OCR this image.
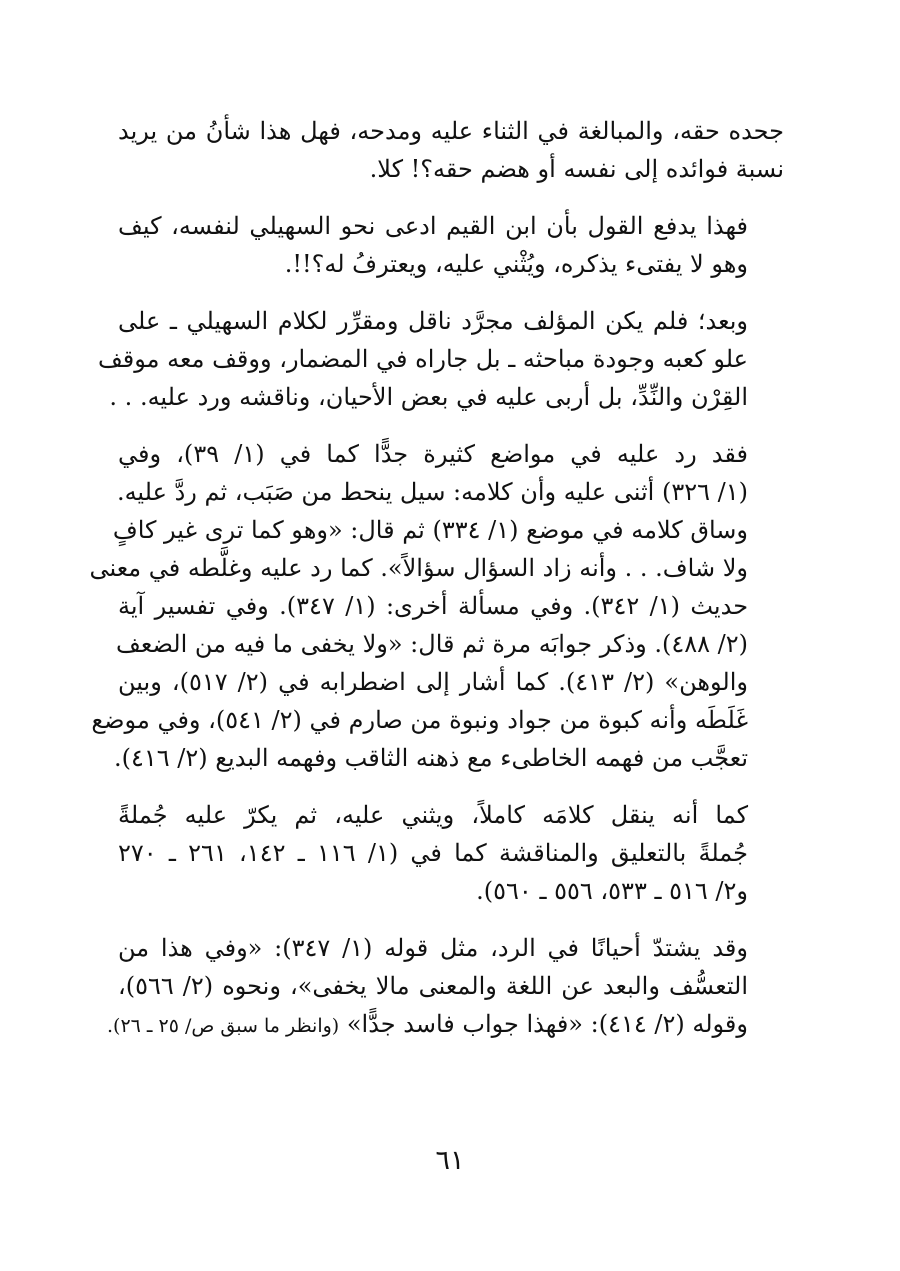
جحده حقه، والمبالغة في الثناء عليه ومدحه، فهل هذا شأنُ من يريد
نسبة فوائده إلى نفسه أو هضم حقه؟! كلا.

فهذا يدفع القول بأن ابن القيم ادعى نحو السهيلي لنفسه، كيف
وهو لا يفتىء يذكره، ويُثْني عليه، ويعترفُ له؟!!.

وبعد؛ فلم يكن المؤلف مجرَّد ناقل ومقرِّر لكلام السهيلي ـ على
علو كعبه وجودة مباحثه ـ بل جاراه في المضمار، ووقف معه موقف
القِرْن والنِّدِّ، بل أربى عليه في بعض الأحيان، وناقشه ورد عليه. . .

فقد رد عليه في مواضع كثيرة جدًّا كما في (١/ ٣٩)، وفي
(١/ ٣٢٦) أثنى عليه وأن كلامه: سيل ينحط من صَبَب، ثم ردَّ عليه.
وساق كلامه في موضع (١/ ٣٣٤) ثم قال: «وهو كما ترى غير كافٍ
ولا شاف. . . وأنه زاد السؤال سؤالاً». كما رد عليه وغلَّطه في معنى
حديث (١/ ٣٤٢). وفي مسألة أخرى: (١/ ٣٤٧). وفي تفسير آية
(٢/ ٤٨٨). وذكر جوابَه مرة ثم قال: «ولا يخفى ما فيه من الضعف
والوهن» (٢/ ٤١٣). كما أشار إلى اضطرابه في (٢/ ٥١٧)، وبين
غَلَطَه وأنه كبوة من جواد ونبوة من صارم في (٢/ ٥٤١)، وفي موضع
تعجَّب من فهمه الخاطىء مع ذهنه الثاقب وفهمه البديع (٢/ ٤١٦).

كما أنه ينقل كلامَه كاملاً، ويثني عليه، ثم يكرّ عليه جُملةً
جُملةً بالتعليق والمناقشة كما في (١/ ١١٦ ـ ١٤٢، ٢٦١ ـ ٢٧٠
و٢/ ٥١٦ ـ ٥٣٣، ٥٥٦ ـ ٥٦٠).

وقد يشتدّ أحيانًا في الرد، مثل قوله (١/ ٣٤٧): «وفي هذا من
التعسُّف والبعد عن اللغة والمعنى مالا يخفى»، ونحوه (٢/ ٥٦٦)،
وقوله (٢/ ٤١٤): «فهذا جواب فاسد جدًّا» (وانظر ما سبق ص/ ٢٥ ـ ٢٦).

٦١
